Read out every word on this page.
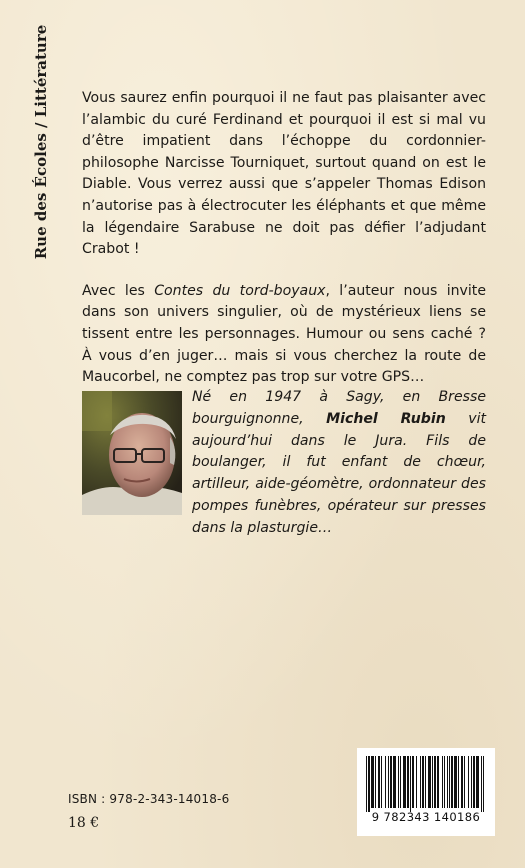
Rue des Écoles / Littérature Vous saurez enfin pourquoi il ne faut pas plaisanter avec l’alambic du curé Ferdinand et pourquoi il est si mal vu d’être impatient dans l’échoppe du cordonnier-philosophe Narcisse Tourniquet, surtout quand on est le Diable. Vous verrez aussi que s’appeler Thomas Edison n’autorise pas à électrocuter les éléphants et que même la légendaire Sarabuse ne doit pas défier l’adjudant Crabot !

Avec les Contes du tord-boyaux, l’auteur nous invite dans son univers singulier, où de mystérieux liens se tissent entre les personnages. Humour ou sens caché ? À vous d’en juger… mais si vous cherchez la route de Maucorbel, ne comptez pas trop sur votre GPS…

Né en 1947 à Sagy, en Bresse bourguignonne, Michel Rubin vit aujourd’hui dans le Jura. Fils de boulanger, il fut enfant de chœur, artilleur, aide-géomètre, ordonnateur des pompes funèbres, opérateur sur presses dans la plasturgie…
ISBN : 978-2-343-14018-6
18 €	9 782343 140186
